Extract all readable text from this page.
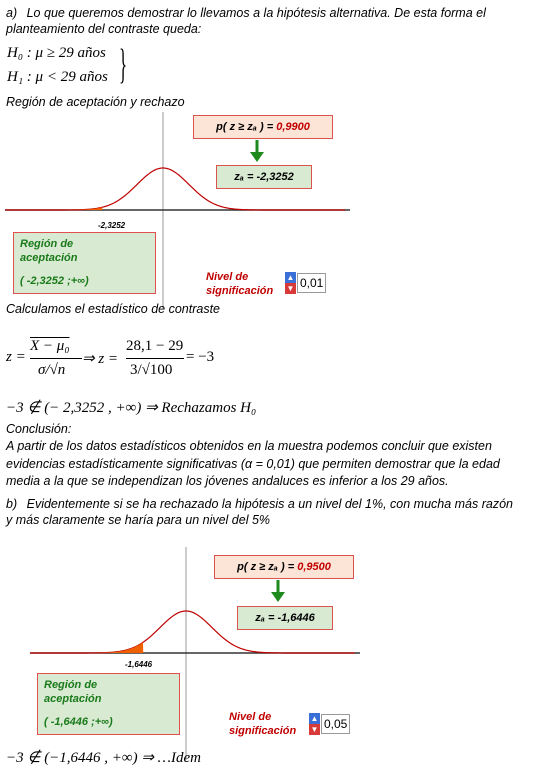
a) Lo que queremos demostrar lo llevamos a la hipótesis alternativa. De esta forma el planteamiento del contraste queda:
H₀ : μ ≥ 29 años
H₁ : μ < 29 años }
Región de aceptación y rechazo
p( z ≥ zₐ ) = 0,9900
zₐ = -2,3252
-2,3252
Región de
aceptación
( -2,3252 ;+∞)	Nivel de
significación
▲
▼ 0,01
Calculamos el estadístico de contraste
z =
X − μ₀
σ/√n
⇒ z =
28,1 − 29
3/√100
= −3
−3 ∉ (− 2,3252 , +∞) ⇒ Rechazamos H₀
Conclusión:
A partir de los datos estadísticos obtenidos en la muestra podemos concluir que existen evidencias estadísticamente significativas (α = 0,01) que permiten demostrar que la edad media a la que se independizan los jóvenes andaluces es inferior a los 29 años.
b) Evidentemente si se ha rechazado la hipótesis a un nivel del 1%, con mucha más razón y más claramente se haría para un nivel del 5%
p( z ≥ zₐ ) = 0,9500
zₐ = -1,6446
-1,6446
Región de
aceptación
( -1,6446 ;+∞)	Nivel de
significación
▲
▼ 0,05
−3 ∉ (−1,6446 , +∞) ⇒ …Idem
